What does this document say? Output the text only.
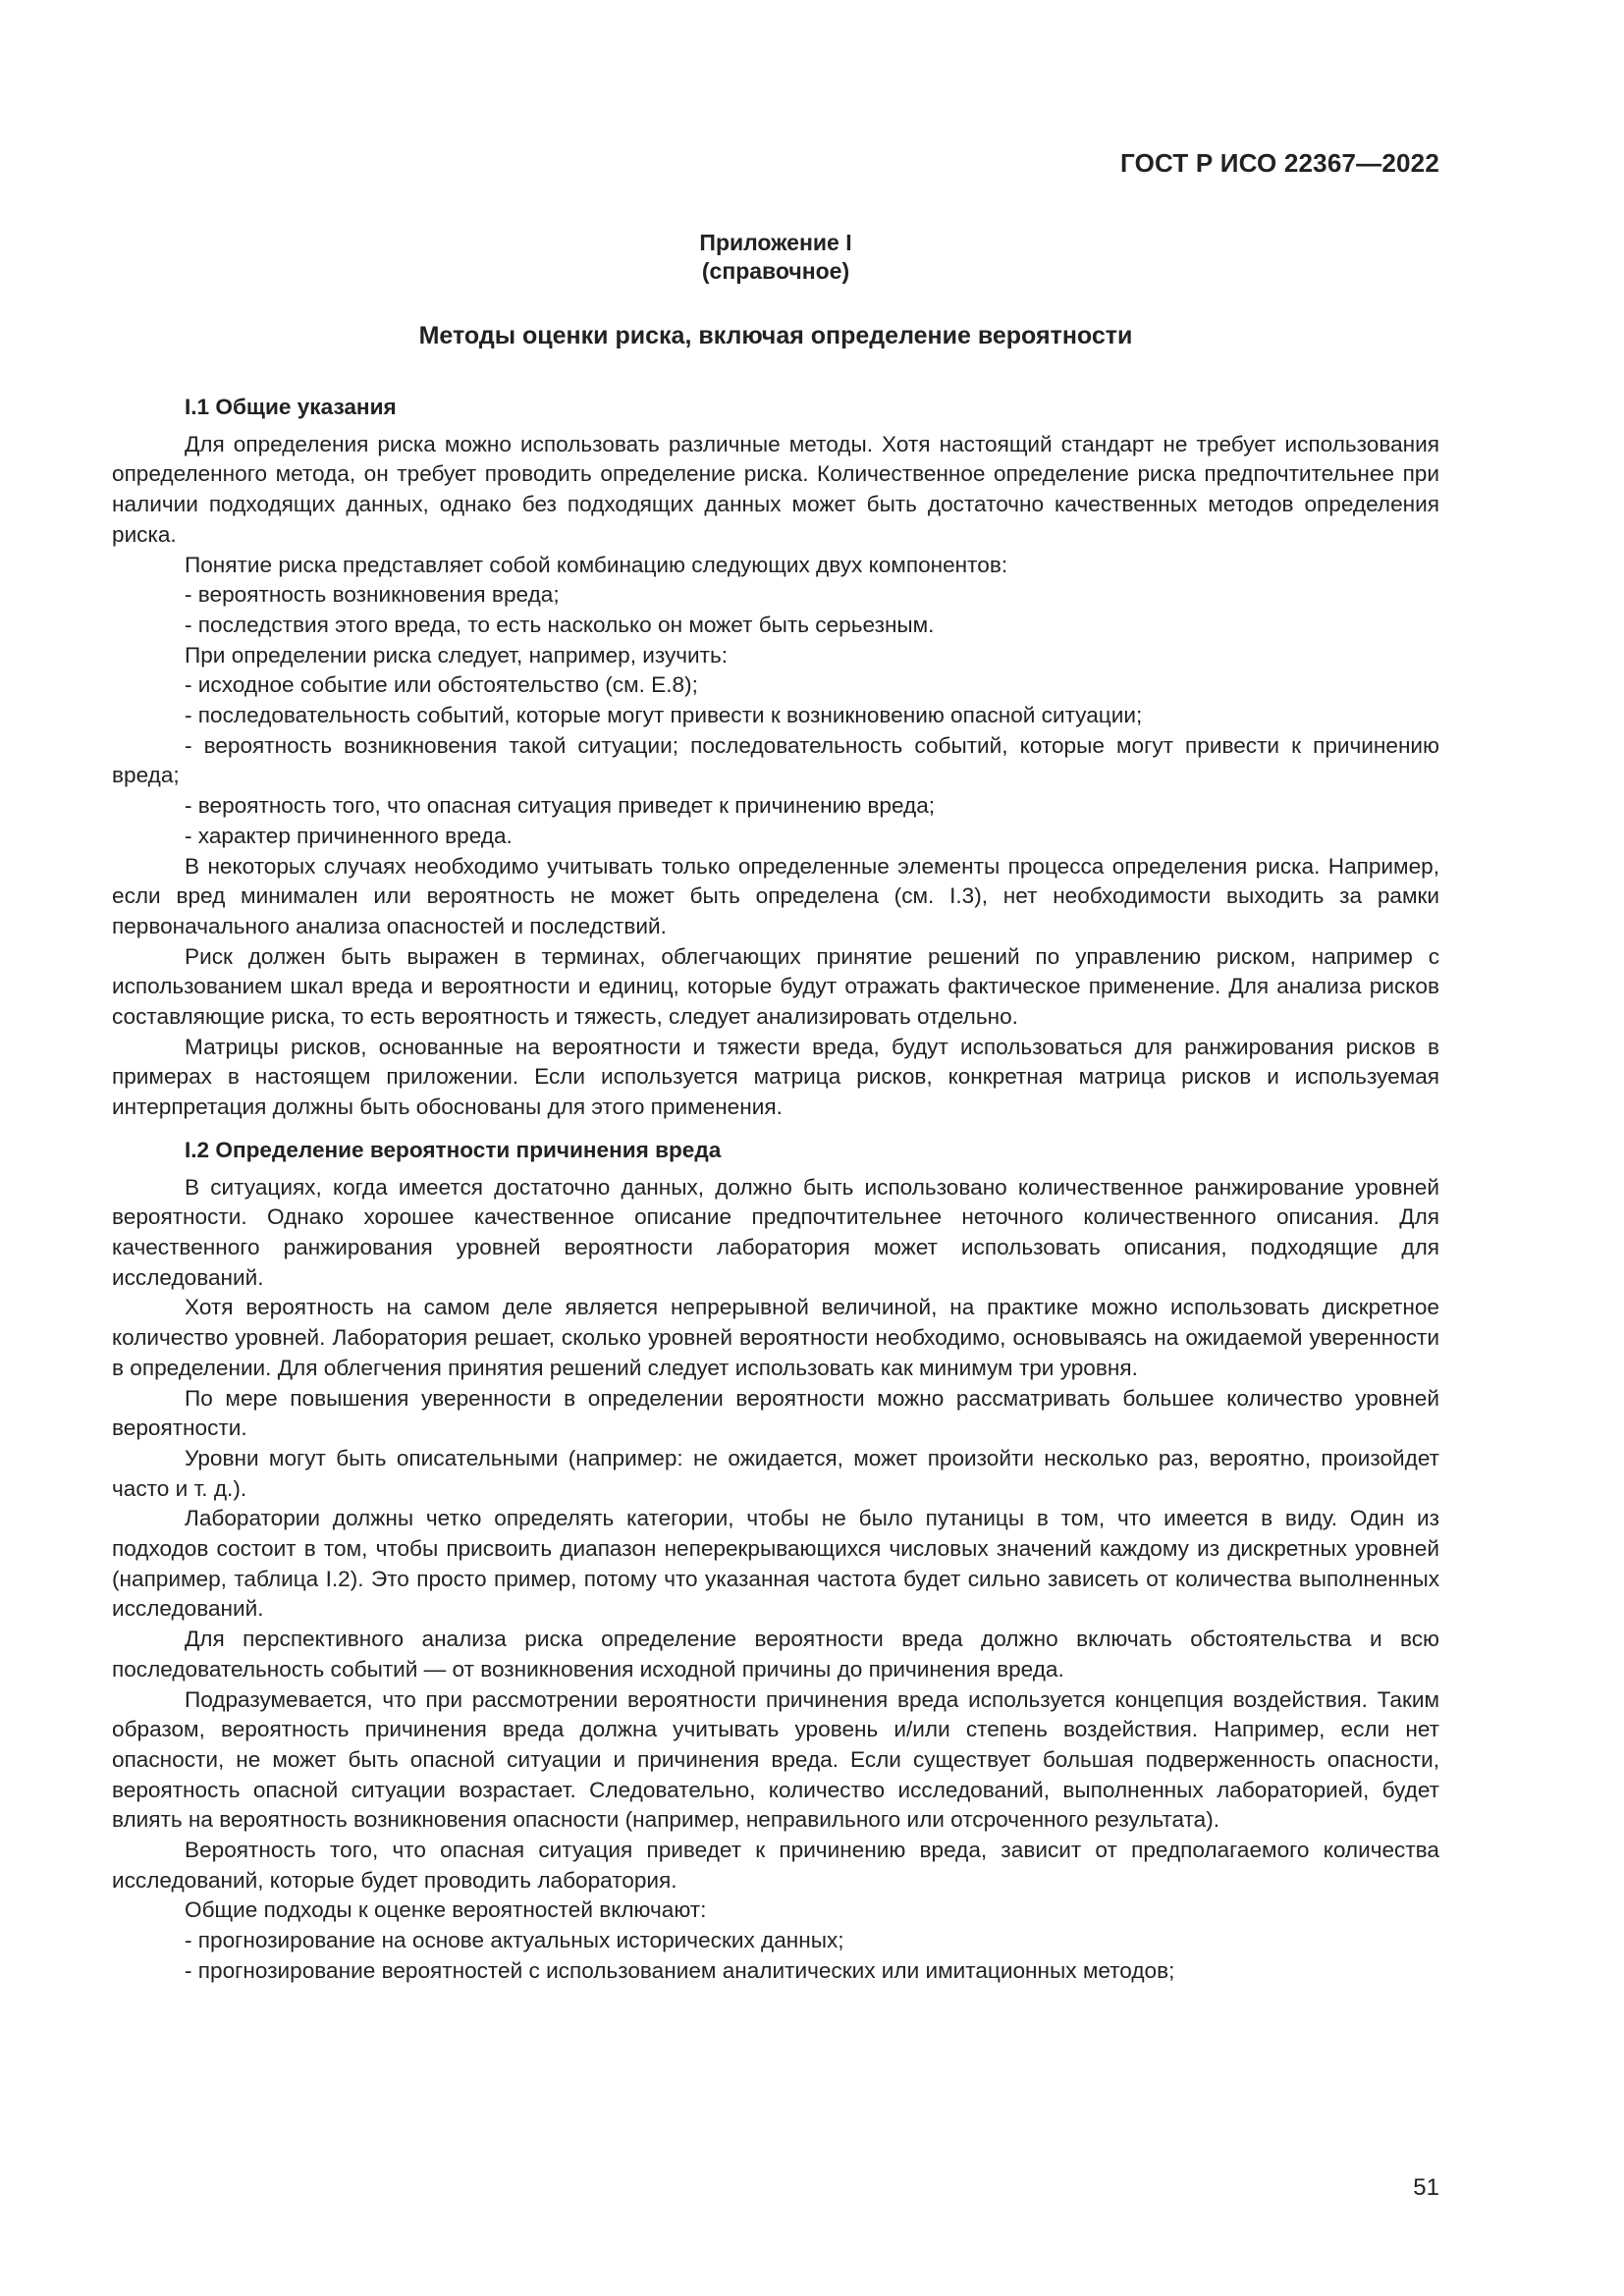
ГОСТ Р ИСО 22367—2022
Приложение I
(справочное)
Методы оценки риска, включая определение вероятности
I.1 Общие указания

Для определения риска можно использовать различные методы. Хотя настоящий стандарт не требует использования определенного метода, он требует проводить определение риска. Количественное определение риска предпочтительнее при наличии подходящих данных, однако без подходящих данных может быть достаточно качественных методов определения риска.

Понятие риска представляет собой комбинацию следующих двух компонентов:

- вероятность возникновения вреда;

- последствия этого вреда, то есть насколько он может быть серьезным.

При определении риска следует, например, изучить:

- исходное событие или обстоятельство (см. Е.8);

- последовательность событий, которые могут привести к возникновению опасной ситуации;

- вероятность возникновения такой ситуации; последовательность событий, которые могут привести к причинению вреда;

- вероятность того, что опасная ситуация приведет к причинению вреда;

- характер причиненного вреда.

В некоторых случаях необходимо учитывать только определенные элементы процесса определения риска. Например, если вред минимален или вероятность не может быть определена (см. I.3), нет необходимости выходить за рамки первоначального анализа опасностей и последствий.

Риск должен быть выражен в терминах, облегчающих принятие решений по управлению риском, например с использованием шкал вреда и вероятности и единиц, которые будут отражать фактическое применение. Для анализа рисков составляющие риска, то есть вероятность и тяжесть, следует анализировать отдельно.

Матрицы рисков, основанные на вероятности и тяжести вреда, будут использоваться для ранжирования рисков в примерах в настоящем приложении. Если используется матрица рисков, конкретная матрица рисков и используемая интерпретация должны быть обоснованы для этого применения.

I.2 Определение вероятности причинения вреда

В ситуациях, когда имеется достаточно данных, должно быть использовано количественное ранжирование уровней вероятности. Однако хорошее качественное описание предпочтительнее неточного количественного описания. Для качественного ранжирования уровней вероятности лаборатория может использовать описания, подходящие для исследований.

Хотя вероятность на самом деле является непрерывной величиной, на практике можно использовать дискретное количество уровней. Лаборатория решает, сколько уровней вероятности необходимо, основываясь на ожидаемой уверенности в определении. Для облегчения принятия решений следует использовать как минимум три уровня.

По мере повышения уверенности в определении вероятности можно рассматривать большее количество уровней вероятности.

Уровни могут быть описательными (например: не ожидается, может произойти несколько раз, вероятно, произойдет часто и т. д.).

Лаборатории должны четко определять категории, чтобы не было путаницы в том, что имеется в виду. Один из подходов состоит в том, чтобы присвоить диапазон неперекрывающихся числовых значений каждому из дискретных уровней (например, таблица I.2). Это просто пример, потому что указанная частота будет сильно зависеть от количества выполненных исследований.

Для перспективного анализа риска определение вероятности вреда должно включать обстоятельства и всю последовательность событий — от возникновения исходной причины до причинения вреда.

Подразумевается, что при рассмотрении вероятности причинения вреда используется концепция воздействия. Таким образом, вероятность причинения вреда должна учитывать уровень и/или степень воздействия. Например, если нет опасности, не может быть опасной ситуации и причинения вреда. Если существует большая подверженность опасности, вероятность опасной ситуации возрастает. Следовательно, количество исследований, выполненных лабораторией, будет влиять на вероятность возникновения опасности (например, неправильного или отсроченного результата).

Вероятность того, что опасная ситуация приведет к причинению вреда, зависит от предполагаемого количества исследований, которые будет проводить лаборатория.

Общие подходы к оценке вероятностей включают:

- прогнозирование на основе актуальных исторических данных;

- прогнозирование вероятностей с использованием аналитических или имитационных методов;

51
